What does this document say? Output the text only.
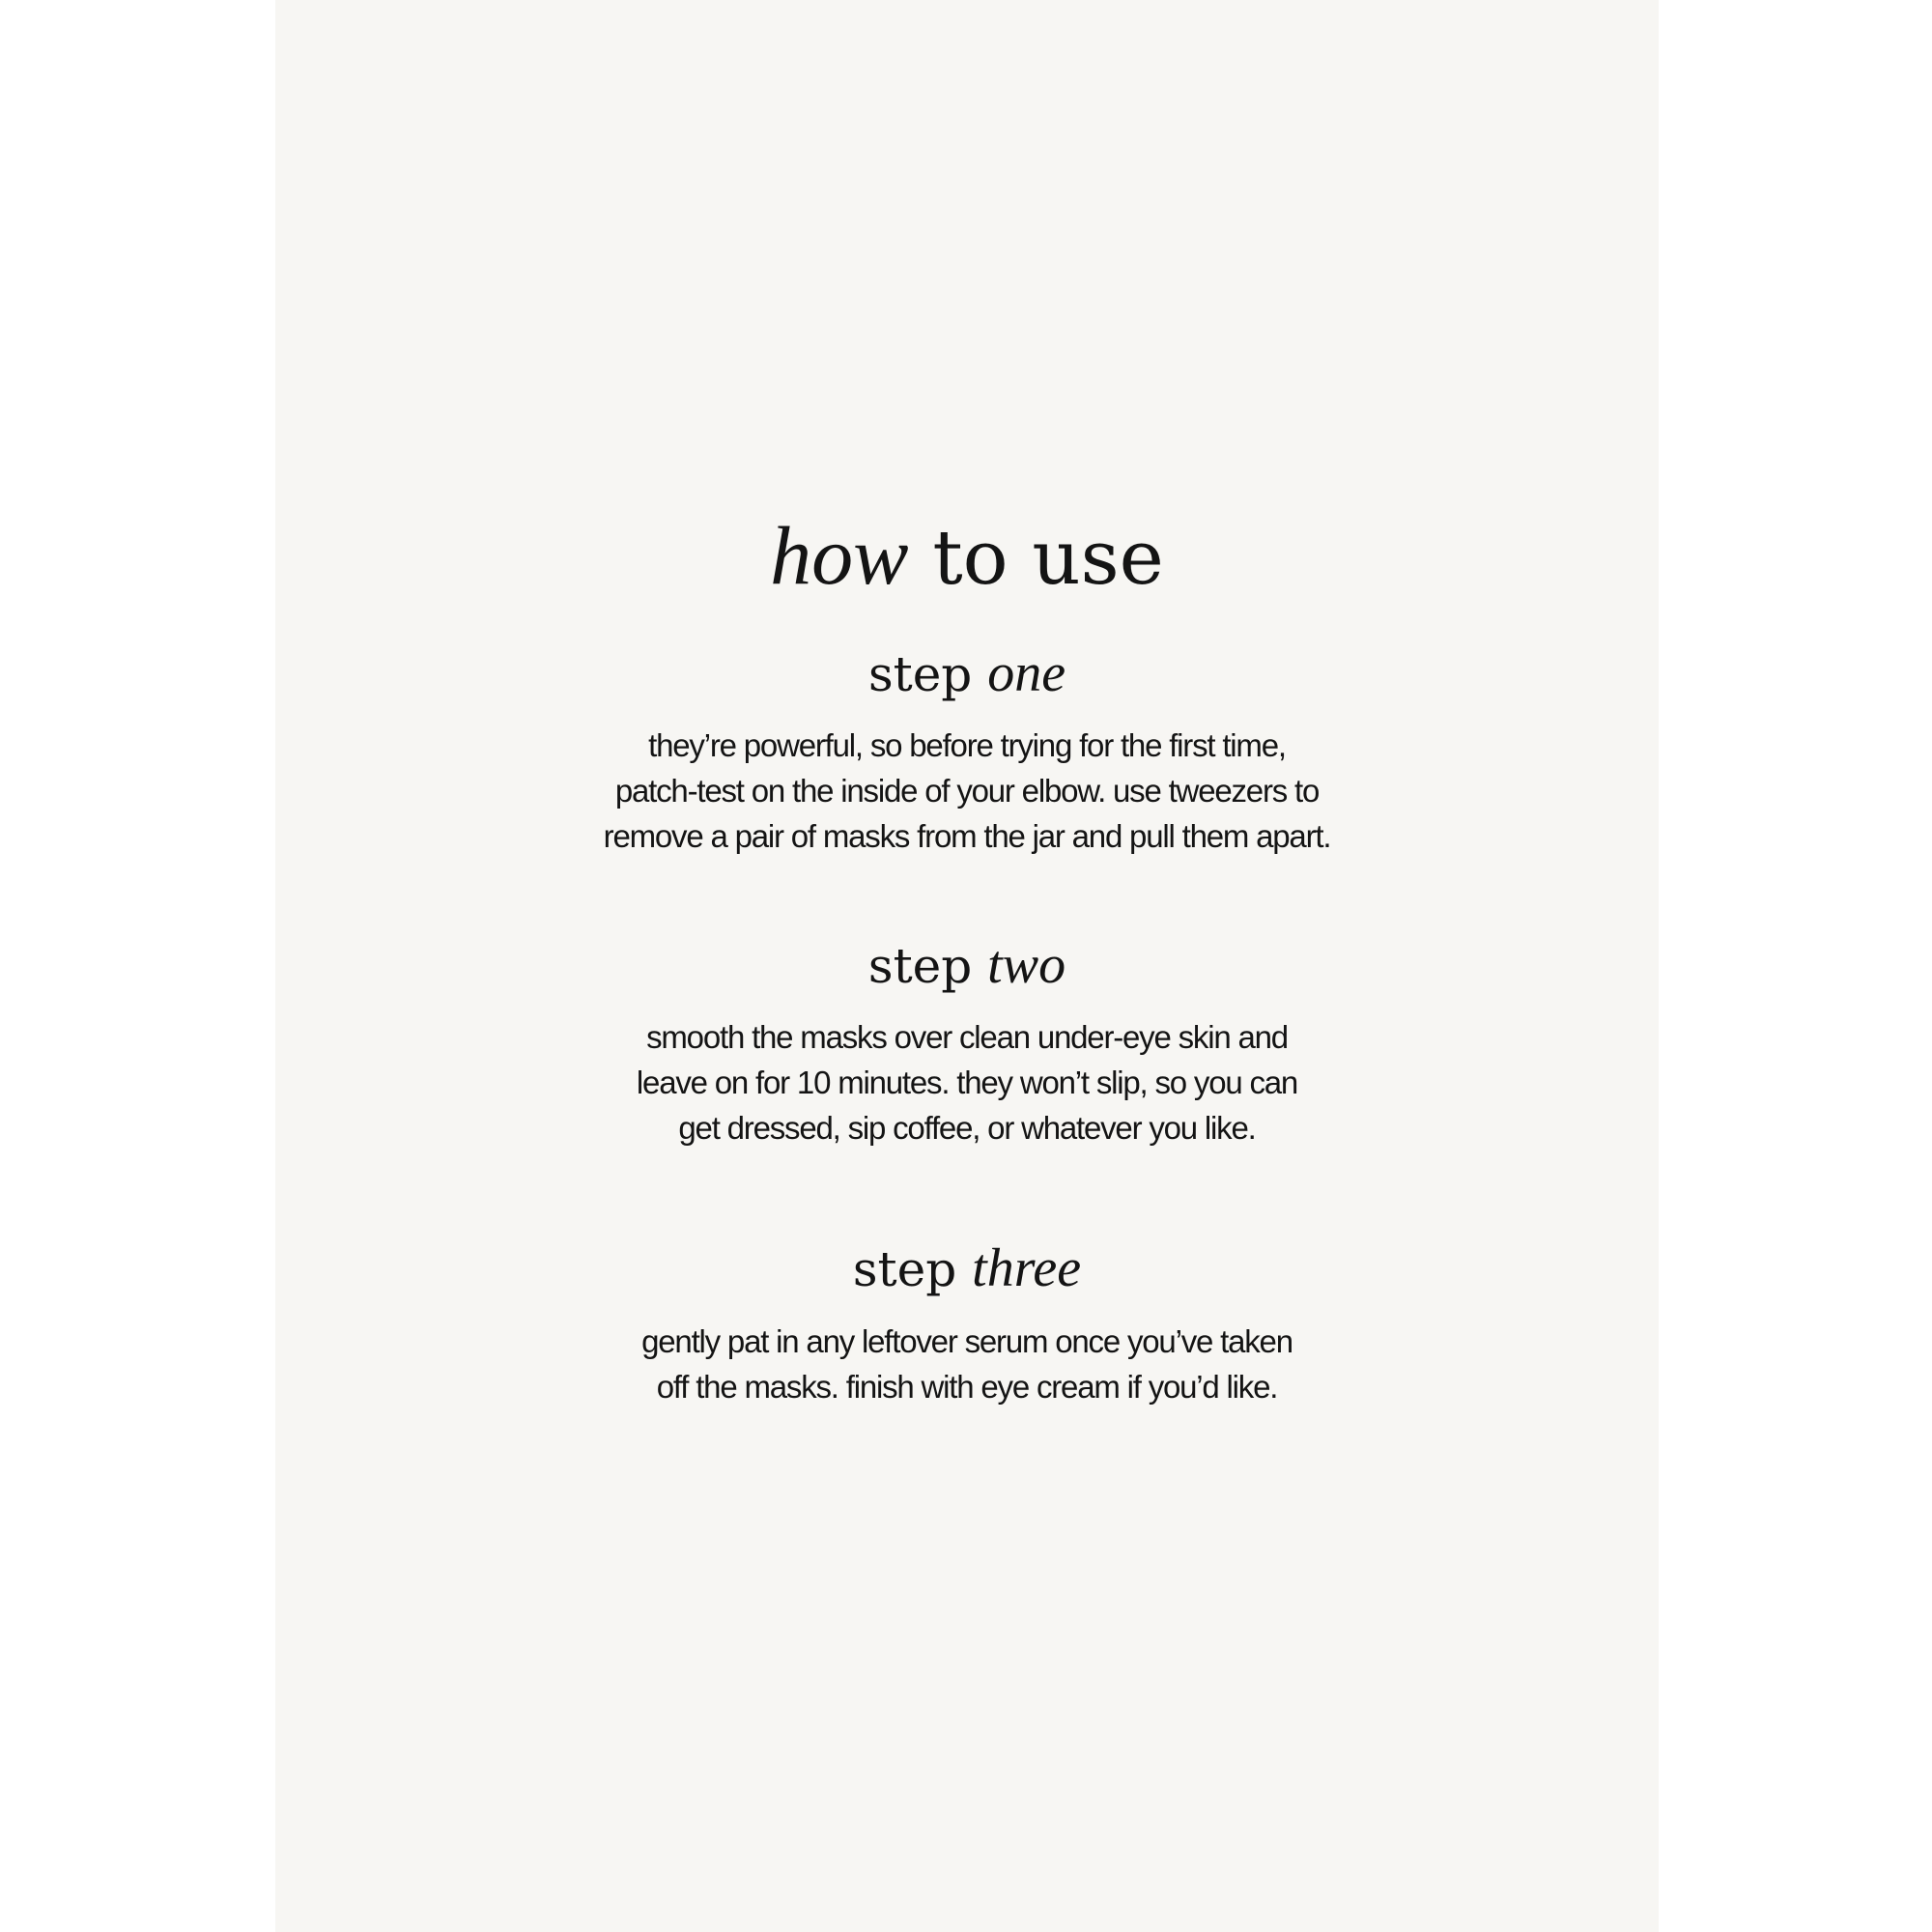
how to use
step one

they’re powerful, so before trying for the first time,
patch-test on the inside of your elbow. use tweezers to
remove a pair of masks from the jar and pull them apart.

step two

smooth the masks over clean under-eye skin and
leave on for 10 minutes. they won’t slip, so you can
get dressed, sip coffee, or whatever you like.

step three

gently pat in any leftover serum once you’ve taken
off the masks. finish with eye cream if you’d like.
